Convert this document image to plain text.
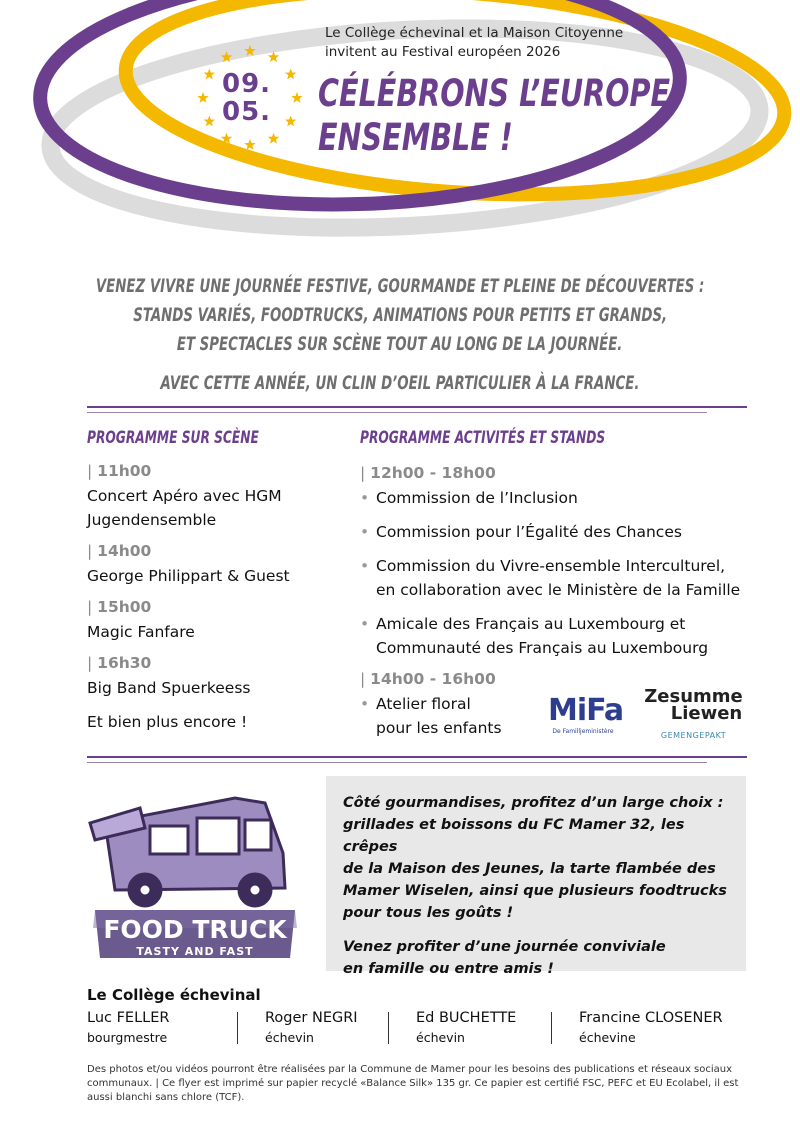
Le Collège échevinal et la Maison Citoyenne
invitent au Festival européen 2026
09.
05. CÉLÉBRONS L’EUROPE
ENSEMBLE !
VENEZ VIVRE UNE JOURNÉE FESTIVE, GOURMANDE ET PLEINE DE DÉCOUVERTES :
STANDS VARIÉS, FOODTRUCKS, ANIMATIONS POUR PETITS ET GRANDS,
ET SPECTACLES SUR SCÈNE TOUT AU LONG DE LA JOURNÉE.
AVEC CETTE ANNÉE, UN CLIN D’OEIL PARTICULIER À LA FRANCE.
PROGRAMME SUR SCÈNE
| 11h00
Concert Apéro avec HGM
Jugendensemble
| 14h00
George Philippart & Guest
| 15h00
Magic Fanfare
| 16h30
Big Band Spuerkeess
Et bien plus encore !
PROGRAMME ACTIVITÉS ET STANDS
| 12h00 - 18h00
• Commission de l’Inclusion
• Commission pour l’Égalité des Chances
• Commission du Vivre-ensemble Interculturel,
en collaboration avec le Ministère de la Famille
• Amicale des Français au Luxembourg et
Communauté des Français au Luxembourg
| 14h00 - 16h00
• Atelier floral
pour les enfants	MiFa
De Familljeministère
Zesumme
Liewen
GEMENGEPAKT
FOOD TRUCK
TASTY AND FAST

Côté gourmandises, profitez d’un large choix :

grillades et boissons du FC Mamer 32, les crêpes

de la Maison des Jeunes, la tarte flambée des

Mamer Wiselen, ainsi que plusieurs foodtrucks

pour tous les goûts !

Venez profiter d’une journée conviviale

en famille ou entre amis !

Le Collège échevinal
Luc FELLER
bourgmestre
Roger NEGRI
échevin
Ed BUCHETTE
échevin
Francine CLOSENER
échevine
Des photos et/ou vidéos pourront être réalisées par la Commune de Mamer pour les besoins des publications et réseaux sociaux communaux. | Ce flyer est imprimé sur papier recyclé «Balance Silk» 135 gr. Ce papier est certifié FSC, PEFC et EU Ecolabel, il est aussi blanchi sans chlore (TCF).
